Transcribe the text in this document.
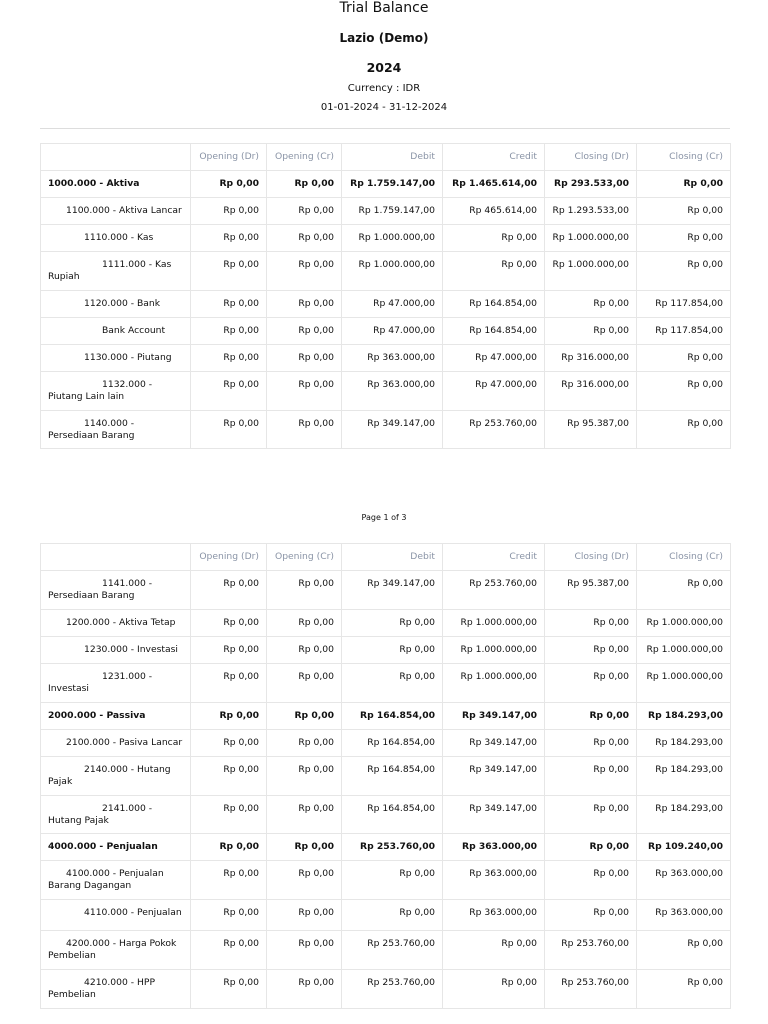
Trial Balance
Lazio (Demo)
2024
Currency : IDR
01-01-2024 - 31-12-2024
	Opening (Dr)	Opening (Cr)	Debit	Credit	Closing (Dr)	Closing (Cr)

1000.000 - Aktiva	Rp 0,00	Rp 0,00	Rp 1.759.147,00	Rp 1.465.614,00	Rp 293.533,00	Rp 0,00

1100.000 - Aktiva Lancar	Rp 0,00	Rp 0,00	Rp 1.759.147,00	Rp 465.614,00	Rp 1.293.533,00	Rp 0,00

1110.000 - Kas	Rp 0,00	Rp 0,00	Rp 1.000.000,00	Rp 0,00	Rp 1.000.000,00	Rp 0,00

1111.000 - Kas Rupiah	Rp 0,00	Rp 0,00	Rp 1.000.000,00	Rp 0,00	Rp 1.000.000,00	Rp 0,00

1120.000 - Bank	Rp 0,00	Rp 0,00	Rp 47.000,00	Rp 164.854,00	Rp 0,00	Rp 117.854,00

Bank Account	Rp 0,00	Rp 0,00	Rp 47.000,00	Rp 164.854,00	Rp 0,00	Rp 117.854,00

1130.000 - Piutang	Rp 0,00	Rp 0,00	Rp 363.000,00	Rp 47.000,00	Rp 316.000,00	Rp 0,00

1132.000 - Piutang Lain lain	Rp 0,00	Rp 0,00	Rp 363.000,00	Rp 47.000,00	Rp 316.000,00	Rp 0,00

1140.000 - Persediaan Barang	Rp 0,00	Rp 0,00	Rp 349.147,00	Rp 253.760,00	Rp 95.387,00	Rp 0,00
Page 1 of 3
	Opening (Dr)	Opening (Cr)	Debit	Credit	Closing (Dr)	Closing (Cr)

1141.000 - Persediaan Barang	Rp 0,00	Rp 0,00	Rp 349.147,00	Rp 253.760,00	Rp 95.387,00	Rp 0,00

1200.000 - Aktiva Tetap	Rp 0,00	Rp 0,00	Rp 0,00	Rp 1.000.000,00	Rp 0,00	Rp 1.000.000,00

1230.000 - Investasi	Rp 0,00	Rp 0,00	Rp 0,00	Rp 1.000.000,00	Rp 0,00	Rp 1.000.000,00

1231.000 - Investasi	Rp 0,00	Rp 0,00	Rp 0,00	Rp 1.000.000,00	Rp 0,00	Rp 1.000.000,00

2000.000 - Passiva	Rp 0,00	Rp 0,00	Rp 164.854,00	Rp 349.147,00	Rp 0,00	Rp 184.293,00

2100.000 - Pasiva Lancar	Rp 0,00	Rp 0,00	Rp 164.854,00	Rp 349.147,00	Rp 0,00	Rp 184.293,00

2140.000 - Hutang Pajak	Rp 0,00	Rp 0,00	Rp 164.854,00	Rp 349.147,00	Rp 0,00	Rp 184.293,00

2141.000 - Hutang Pajak	Rp 0,00	Rp 0,00	Rp 164.854,00	Rp 349.147,00	Rp 0,00	Rp 184.293,00

4000.000 - Penjualan	Rp 0,00	Rp 0,00	Rp 253.760,00	Rp 363.000,00	Rp 0,00	Rp 109.240,00

4100.000 - Penjualan Barang Dagangan	Rp 0,00	Rp 0,00	Rp 0,00	Rp 363.000,00	Rp 0,00	Rp 363.000,00

4110.000 - Penjualan	Rp 0,00	Rp 0,00	Rp 0,00	Rp 363.000,00	Rp 0,00	Rp 363.000,00

4200.000 - Harga Pokok Pembelian	Rp 0,00	Rp 0,00	Rp 253.760,00	Rp 0,00	Rp 253.760,00	Rp 0,00

4210.000 - HPP Pembelian	Rp 0,00	Rp 0,00	Rp 253.760,00	Rp 0,00	Rp 253.760,00	Rp 0,00
